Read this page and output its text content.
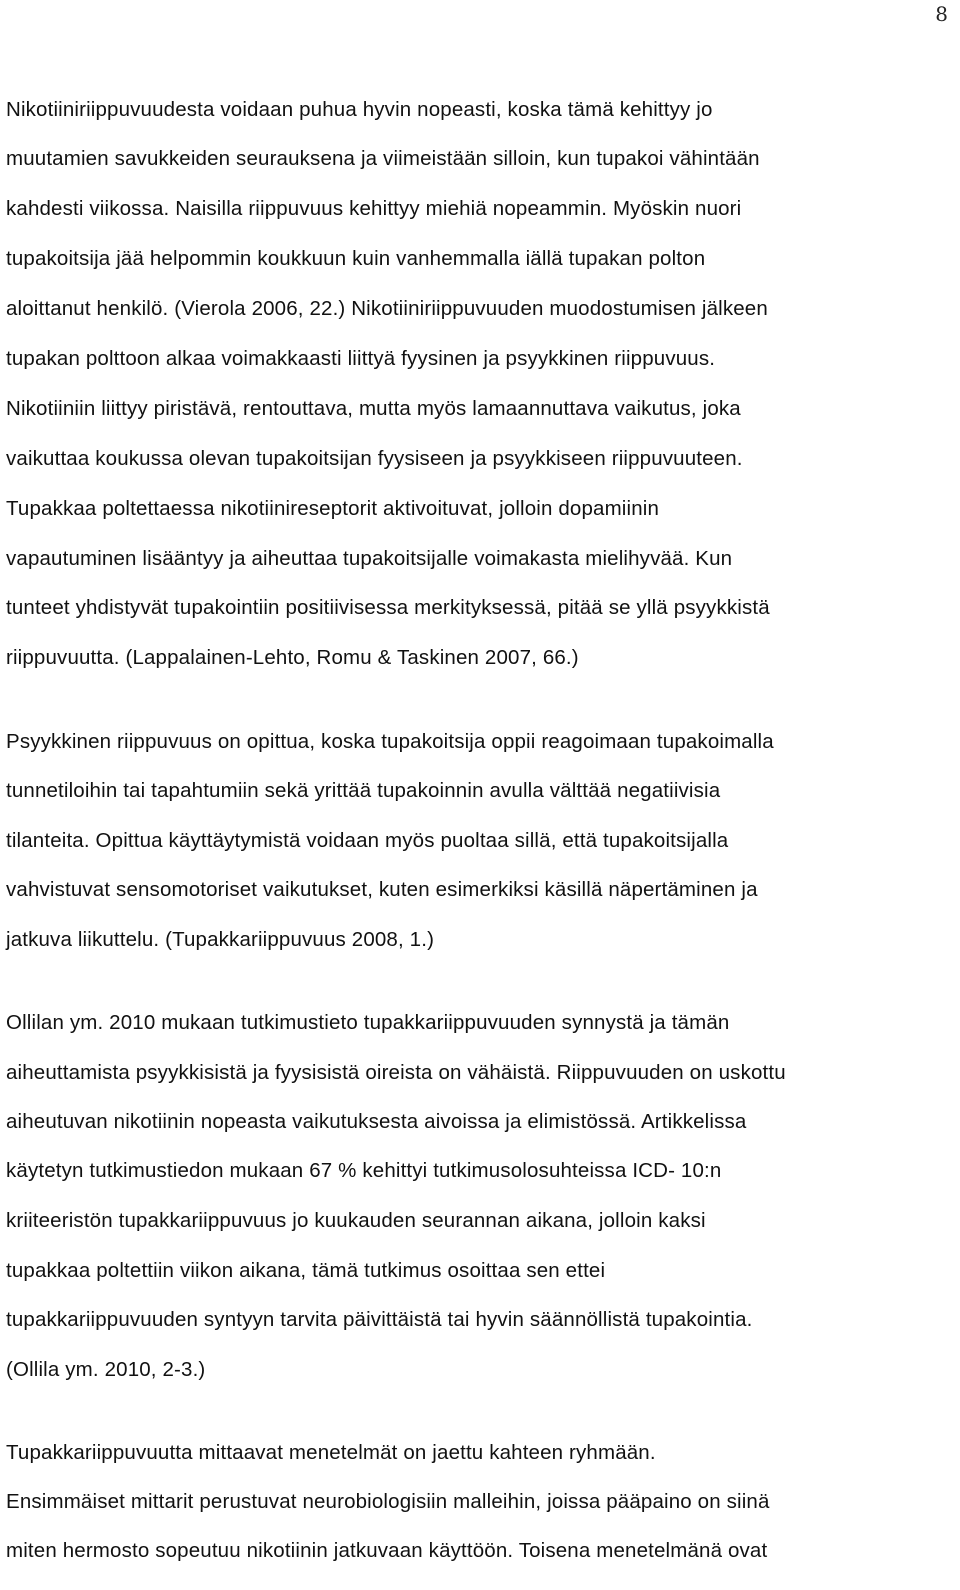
8
Nikotiiniriippuvuudesta voidaan puhua hyvin nopeasti, koska tämä kehittyy jo
muutamien savukkeiden seurauksena ja viimeistään silloin, kun tupakoi vähintään
kahdesti viikossa. Naisilla riippuvuus kehittyy miehiä nopeammin. Myöskin nuori
tupakoitsija jää helpommin koukkuun kuin vanhemmalla iällä tupakan polton
aloittanut henkilö. (Vierola 2006, 22.) Nikotiiniriippuvuuden muodostumisen jälkeen
tupakan polttoon alkaa voimakkaasti liittyä fyysinen ja psyykkinen riippuvuus.
Nikotiiniin liittyy piristävä, rentouttava, mutta myös lamaannuttava vaikutus, joka
vaikuttaa koukussa olevan tupakoitsijan fyysiseen ja psyykkiseen riippuvuuteen.
Tupakkaa poltettaessa nikotiinireseptorit aktivoituvat, jolloin dopamiinin
vapautuminen lisääntyy ja aiheuttaa tupakoitsijalle voimakasta mielihyvää. Kun
tunteet yhdistyvät tupakointiin positiivisessa merkityksessä, pitää se yllä psyykkistä
riippuvuutta. (Lappalainen-Lehto, Romu & Taskinen 2007, 66.)
Psyykkinen riippuvuus on opittua, koska tupakoitsija oppii reagoimaan tupakoimalla
tunnetiloihin tai tapahtumiin sekä yrittää tupakoinnin avulla välttää negatiivisia
tilanteita. Opittua käyttäytymistä voidaan myös puoltaa sillä, että tupakoitsijalla
vahvistuvat sensomotoriset vaikutukset, kuten esimerkiksi käsillä näpertäminen ja
jatkuva liikuttelu. (Tupakkariippuvuus 2008, 1.)
Ollilan ym. 2010 mukaan tutkimustieto tupakkariippuvuuden synnystä ja tämän
aiheuttamista psyykkisistä ja fyysisistä oireista on vähäistä. Riippuvuuden on uskottu
aiheutuvan nikotiinin nopeasta vaikutuksesta aivoissa ja elimistössä. Artikkelissa
käytetyn tutkimustiedon mukaan 67 % kehittyi tutkimusolosuhteissa ICD- 10:n
kriiteeristön tupakkariippuvuus jo kuukauden seurannan aikana, jolloin kaksi
tupakkaa poltettiin viikon aikana, tämä tutkimus osoittaa sen ettei
tupakkariippuvuuden syntyyn tarvita päivittäistä tai hyvin säännöllistä tupakointia.
(Ollila ym. 2010, 2-3.)
Tupakkariippuvuutta mittaavat menetelmät on jaettu kahteen ryhmään.
Ensimmäiset mittarit perustuvat neurobiologisiin malleihin, joissa pääpaino on siinä
miten hermosto sopeutuu nikotiinin jatkuvaan käyttöön. Toisena menetelmänä ovat
